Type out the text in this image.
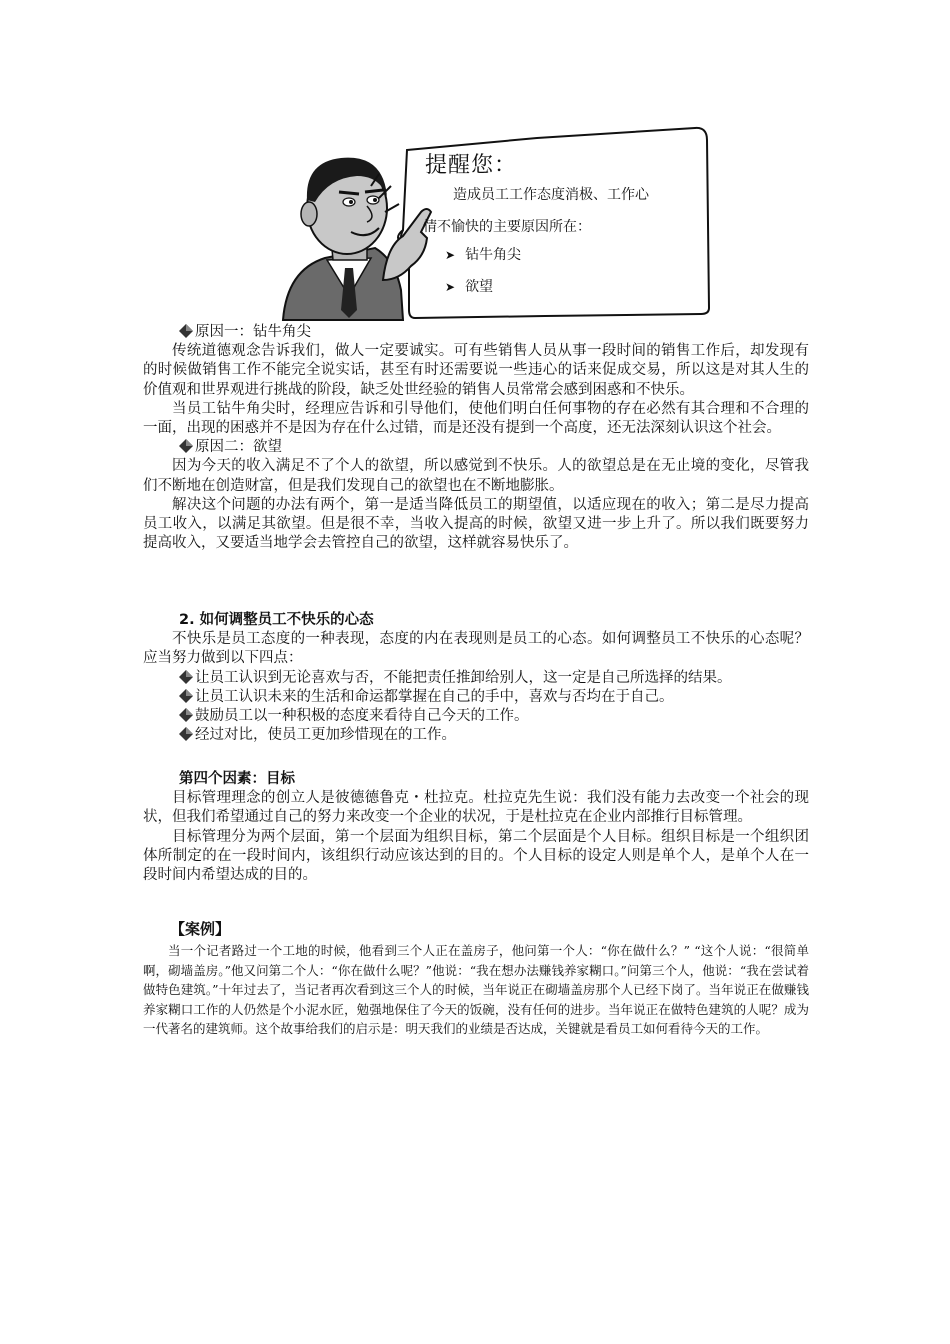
提醒您：
造成员工工作态度消极、工作心
情不愉快的主要原因所在：
➤ 钻牛角尖
➤ 欲望
原因一：钻牛角尖

传统道德观念告诉我们，做人一定要诚实。可有些销售人员从事一段时间的销售工作后，却发现有的时候做销售工作不能完全说实话，甚至有时还需要说一些违心的话来促成交易，所以这是对其人生的价值观和世界观进行挑战的阶段，缺乏处世经验的销售人员常常会感到困惑和不快乐。

当员工钻牛角尖时，经理应告诉和引导他们，使他们明白任何事物的存在必然有其合理和不合理的一面，出现的困惑并不是因为存在什么过错，而是还没有提到一个高度，还无法深刻认识这个社会。

原因二：欲望

因为今天的收入满足不了个人的欲望，所以感觉到不快乐。人的欲望总是在无止境的变化，尽管我们不断地在创造财富，但是我们发现自己的欲望也在不断地膨胀。

解决这个问题的办法有两个，第一是适当降低员工的期望值，以适应现在的收入；第二是尽力提高员工收入，以满足其欲望。但是很不幸，当收入提高的时候，欲望又进一步上升了。所以我们既要努力提高收入，又要适当地学会去管控自己的欲望，这样就容易快乐了。

2. 如何调整员工不快乐的心态

不快乐是员工态度的一种表现，态度的内在表现则是员工的心态。如何调整员工不快乐的心态呢？应当努力做到以下四点：

让员工认识到无论喜欢与否，不能把责任推卸给别人，这一定是自己所选择的结果。
让员工认识未来的生活和命运都掌握在自己的手中，喜欢与否均在于自己。
鼓励员工以一种积极的态度来看待自己今天的工作。
经过对比，使员工更加珍惜现在的工作。
第四个因素：目标

目标管理理念的创立人是彼德德鲁克・杜拉克。杜拉克先生说：我们没有能力去改变一个社会的现状，但我们希望通过自己的努力来改变一个企业的状况，于是杜拉克在企业内部推行目标管理。

目标管理分为两个层面，第一个层面为组织目标，第二个层面是个人目标。组织目标是一个组织团体所制定的在一段时间内，该组织行动应该达到的目的。个人目标的设定人则是单个人，是单个人在一段时间内希望达成的目的。

【案例】

当一个记者路过一个工地的时候，他看到三个人正在盖房子，他问第一个人：“你在做什么？” “这个人说：“很简单啊，砌墙盖房。”他又问第二个人：“你在做什么呢？”他说：“我在想办法赚钱养家糊口。”问第三个人，他说：“我在尝试着做特色建筑。”十年过去了，当记者再次看到这三个人的时候，当年说正在砌墙盖房那个人已经下岗了。当年说正在做赚钱养家糊口工作的人仍然是个小泥水匠，勉强地保住了今天的饭碗，没有任何的进步。当年说正在做特色建筑的人呢？成为一代著名的建筑师。这个故事给我们的启示是：明天我们的业绩是否达成，关键就是看员工如何看待今天的工作。
